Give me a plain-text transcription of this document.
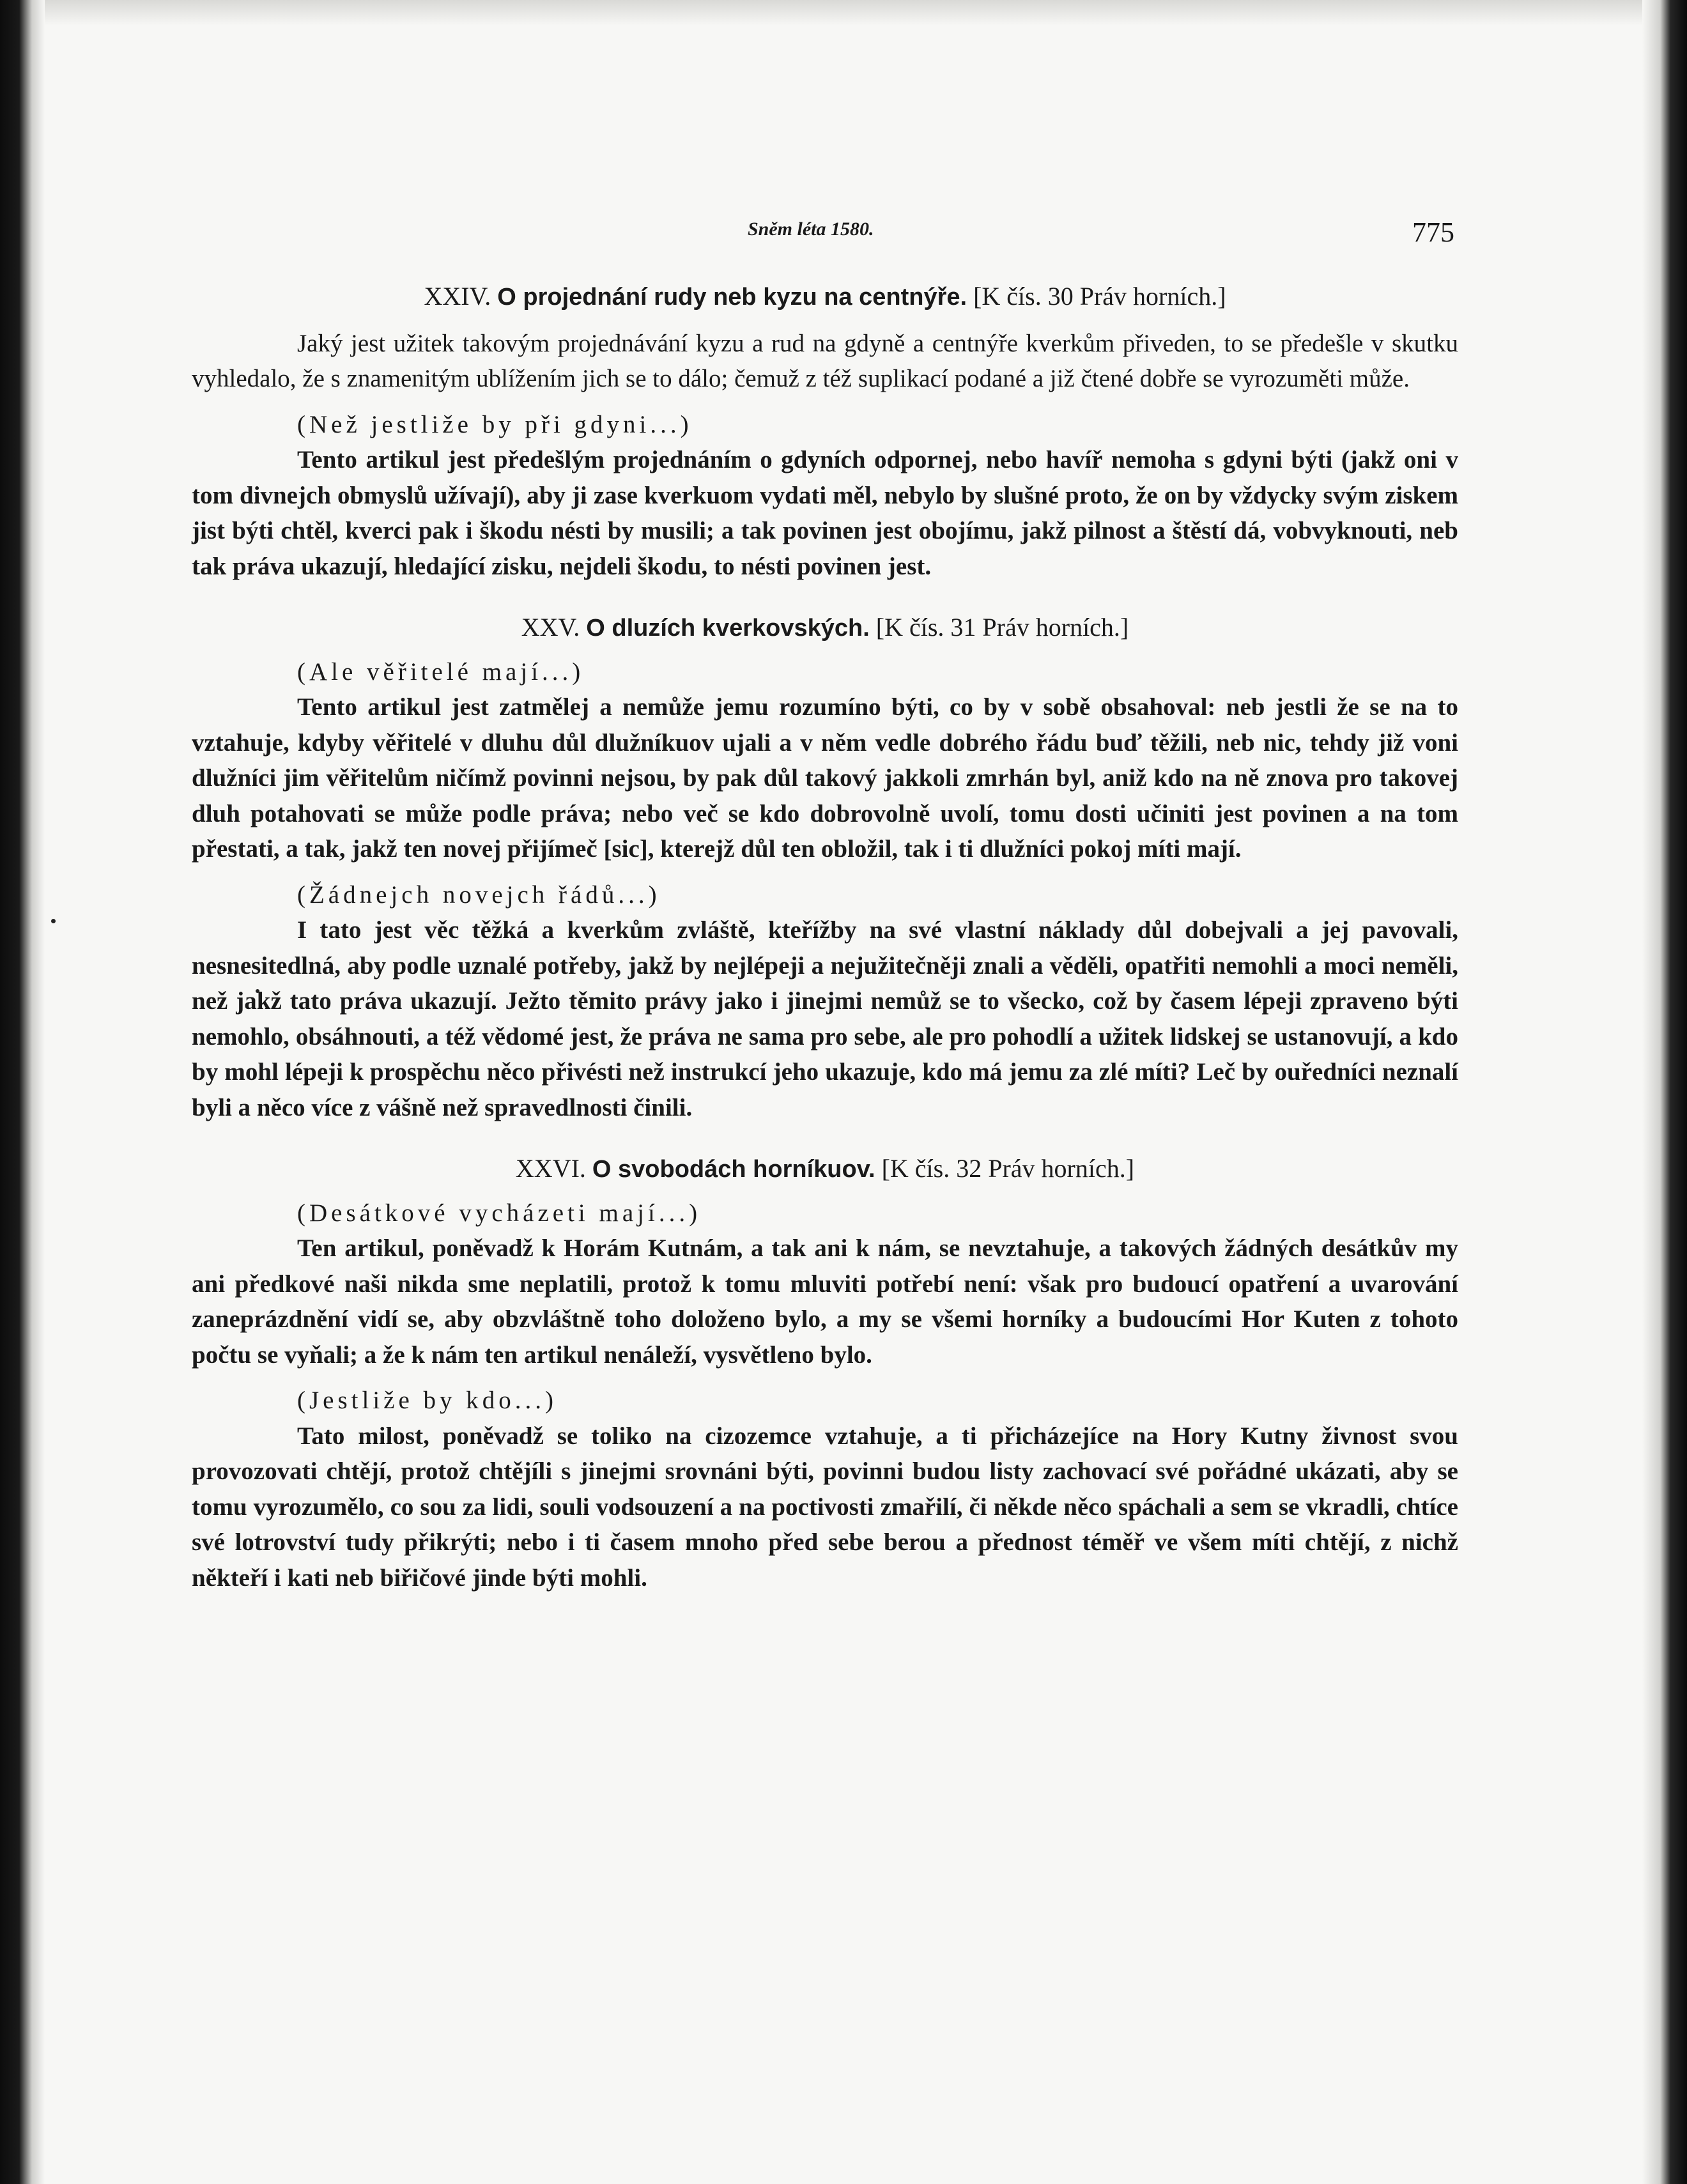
Sněm léta 1580.	775

XXIV. O projednání rudy neb kyzu na centnýře. [K čís. 30 Práv horních.]

Jaký jest užitek takovým projednávání kyzu a rud na gdyně a centnýře kverkům přiveden, to se předešle v skutku vyhledalo, že s znamenitým ublížením jich se to dálo; čemuž z též suplikací podané a již čtené dobře se vyrozuměti může.

(Než jestliže by při gdyni...)

Tento artikul jest předešlým projednáním o gdyních odpornej, nebo havíř nemoha s gdyni býti (jakž oni v tom divnejch obmyslů užívají), aby ji zase kverkuom vydati měl, nebylo by slušné proto, že on by vždycky svým ziskem jist býti chtěl, kverci pak i škodu nésti by musili; a tak povinen jest obojímu, jakž pilnost a štěstí dá, vobvyknouti, neb tak práva ukazují, hledající zisku, nejdeli škodu, to nésti povinen jest.

XXV. O dluzích kverkovských. [K čís. 31 Práv horních.]

(Ale věřitelé mají...)

Tento artikul jest zatmělej a nemůže jemu rozumíno býti, co by v sobě obsahoval: neb jestli že se na to vztahuje, kdyby věřitelé v dluhu důl dlužníkuov ujali a v něm vedle dobrého řádu buď těžili, neb nic, tehdy již voni dlužníci jim věřitelům ničímž povinni nejsou, by pak důl takový jakkoli zmrhán byl, aniž kdo na ně znova pro takovej dluh potahovati se může podle práva; nebo več se kdo dobrovolně uvolí, tomu dosti učiniti jest povinen a na tom přestati, a tak, jakž ten novej přijímeč [sic], kterejž důl ten obložil, tak i ti dlužníci pokoj míti mají.

(Žádnejch novejch řádů...)

I tato jest věc těžká a kverkům zvláště, kteřížby na své vlastní náklady důl dobejvali a jej pavovali, nesnesitedlná, aby podle uznalé potřeby, jakž by nejlépeji a nejužitečněji znali a věděli, opatřiti nemohli a moci neměli, než jakž tato práva ukazují. Ježto těmito právy jako i jinejmi nemůž se to všecko, což by časem lépeji zpraveno býti nemohlo, obsáhnouti, a též vědomé jest, že práva ne sama pro sebe, ale pro pohodlí a užitek lidskej se ustanovují, a kdo by mohl lépeji k prospěchu něco přivésti než instrukcí jeho ukazuje, kdo má jemu za zlé míti? Leč by ouředníci neznalí byli a něco více z vášně než spravedlnosti činili.

XXVI. O svobodách horníkuov. [K čís. 32 Práv horních.]

(Desátkové vycházeti mají...)

Ten artikul, poněvadž k Horám Kutnám, a tak ani k nám, se nevztahuje, a takových žádných desátkův my ani předkové naši nikda sme neplatili, protož k tomu mluviti potřebí není: však pro budoucí opatření a uvarování zaneprázdnění vidí se, aby obzvláštně toho doloženo bylo, a my se všemi horníky a budoucími Hor Kuten z tohoto počtu se vyňali; a že k nám ten artikul nenáleží, vysvětleno bylo.

(Jestliže by kdo...)

Tato milost, poněvadž se toliko na cizozemce vztahuje, a ti přicházejíce na Hory Kutny živnost svou provozovati chtějí, protož chtějíli s jinejmi srovnáni býti, povinni budou listy zachovací své pořádné ukázati, aby se tomu vyrozumělo, co sou za lidi, souli vodsouzení a na poctivosti zmařilí, či někde něco spáchali a sem se vkradli, chtíce své lotrovství tudy přikrýti; nebo i ti časem mnoho před sebe berou a přednost téměř ve všem míti chtějí, z nichž někteří i kati neb biřičové jinde býti mohli.
